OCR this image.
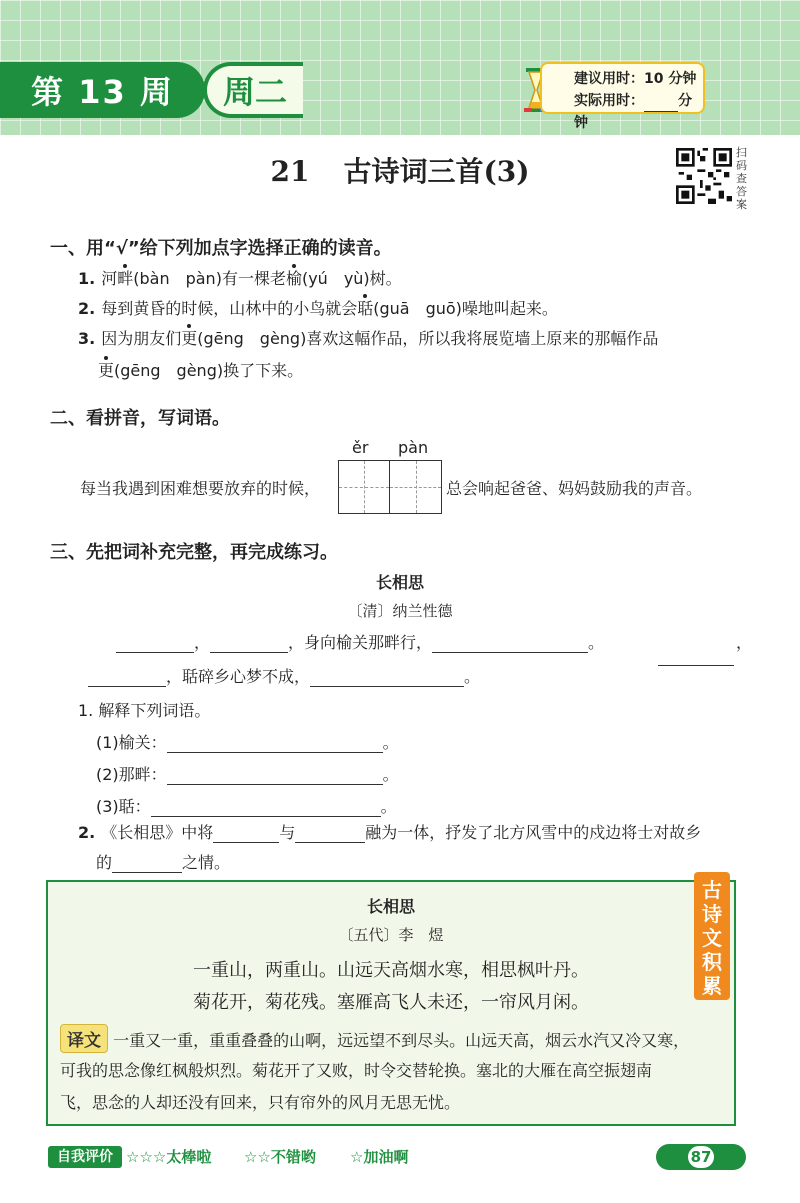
第 13 周 周二	建议用时：10 分钟
实际用时： 分钟
21 古诗词三首(3)
扫
码
查
答
案
一、用“√”给下列加点字选择正确的读音。
1. 河畔(bàn　pàn)有一棵老榆(yú　yù)树。
2. 每到黄昏的时候，山林中的小鸟就会聒(guā　guō)噪地叫起来。
3. 因为朋友们更(gēng　gèng)喜欢这幅作品，所以我将展览墙上原来的那幅作品
更(gēng　gèng)换了下来。
二、看拼音，写词语。
ěr pàn
每当我遇到困难想要放弃的时候，	总会响起爸爸、妈妈鼓励我的声音。
三、先把词补充完整，再完成练习。
长相思
〔清〕纳兰性德
，	，身向榆关那畔行，	。	，
，聒碎乡心梦不成，	。
1. 解释下列词语。
(1)榆关：	。
(2)那畔：	。
(3)聒：	。
2. 《长相思》中将	与	融为一体，抒发了北方风雪中的戍边将士对故乡
的	之情。
长相思
〔五代〕李　煜
一重山，两重山。山远天高烟水寒，相思枫叶丹。
菊花开，菊花残。塞雁高飞人未还，一帘风月闲。
译文 一重又一重，重重叠叠的山啊，远远望不到尽头。山远天高，烟云水汽又冷又寒，
可我的思念像红枫般炽烈。菊花开了又败，时令交替轮换。塞北的大雁在高空振翅南
飞，思念的人却还没有回来，只有帘外的风月无思无忧。
古诗文积累
自我评价 ☆☆☆太棒啦 ☆☆不错哟 ☆加油啊	87
